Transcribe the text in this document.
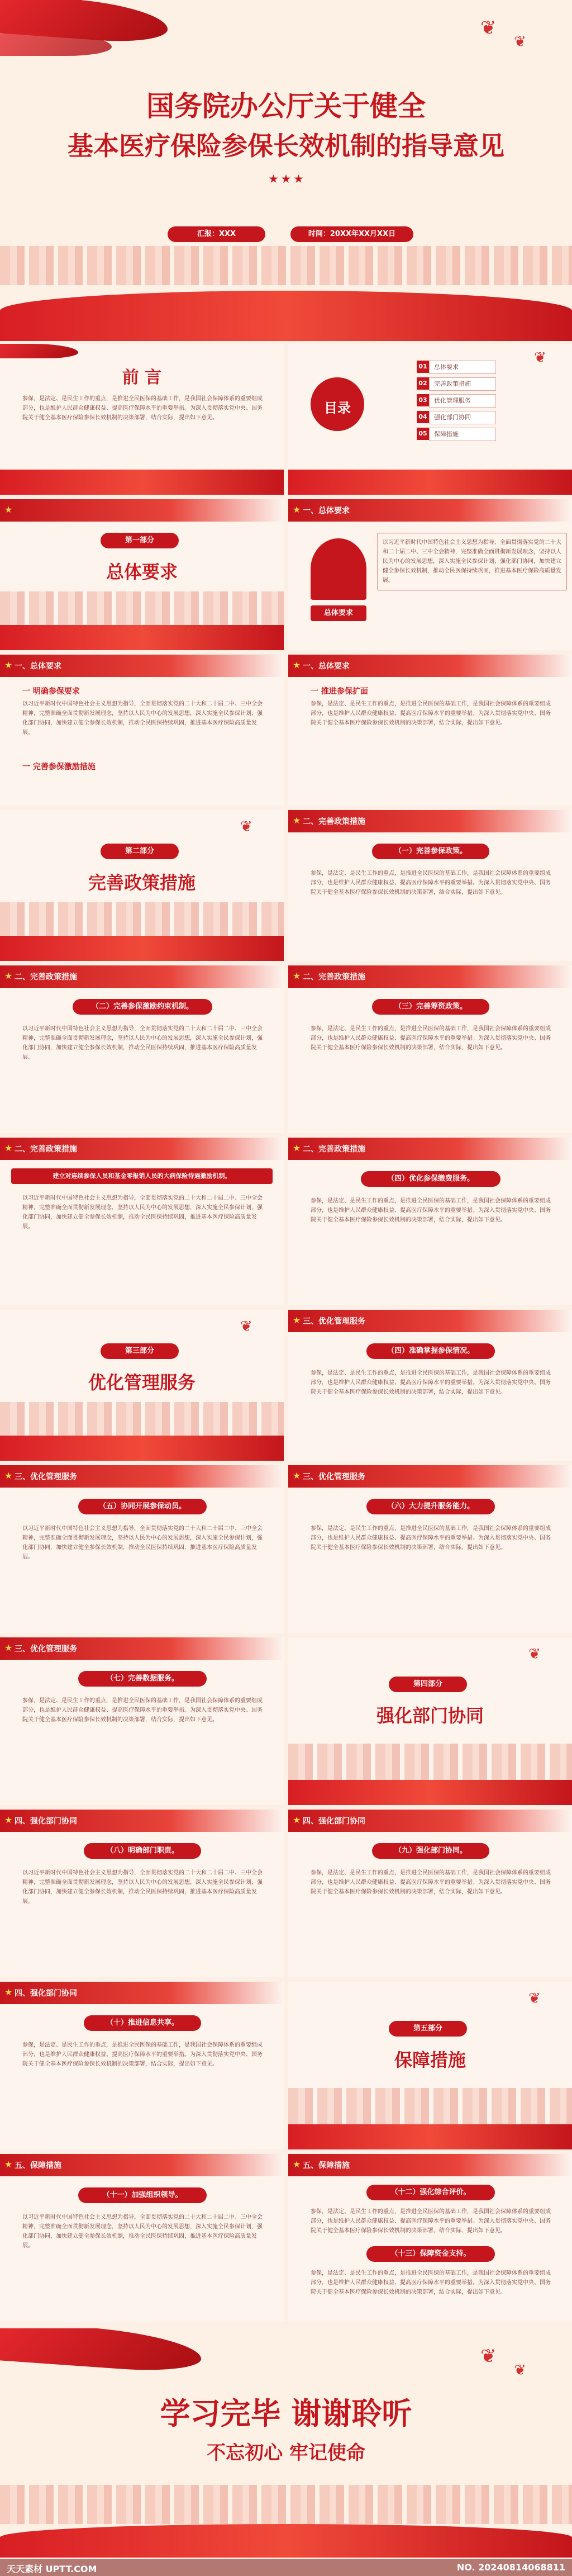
❦
❦
国务院办公厅关于健全
基本医疗保险参保长效机制的指导意见
★ ★ ★
汇报：XXX	时间：20XX年XX月XX日
前 言
参保，是法定、是民生工作的重点，是推进全民医保的基础工作，是我国社会保障体系的重要组成部分，也是维护人民群众健康权益、提高医疗保障水平的重要举措。为深入贯彻落实党中央、国务院关于健全基本医疗保险参保长效机制的决策部署，结合实际，提出如下意见。
❦
目录
01	总体要求
02	完善政策措施
03	优化管理服务
04	强化部门协同
05	保障措施
★
第一部分
总体要求
★ 一、总体要求
总体要求
以习近平新时代中国特色社会主义思想为指导，全面贯彻落实党的二十大和二十届二中、三中全会精神，完整准确全面贯彻新发展理念，坚持以人民为中心的发展思想，深入实施全民参保计划，强化部门协同，加快建立健全参保长效机制，推动全民医保持续巩固，推进基本医疗保险高质量发展。
★ 一、总体要求
一 明确参保要求
以习近平新时代中国特色社会主义思想为指导，全面贯彻落实党的二十大和二十届二中、三中全会精神，完整准确全面贯彻新发展理念，坚持以人民为中心的发展思想，深入实施全民参保计划，强化部门协同，加快建立健全参保长效机制，推动全民医保持续巩固，推进基本医疗保险高质量发展。
一 完善参保激励措施
★ 一、总体要求
一 推进参保扩面
参保，是法定、是民生工作的重点，是推进全民医保的基础工作，是我国社会保障体系的重要组成部分，也是维护人民群众健康权益、提高医疗保障水平的重要举措。为深入贯彻落实党中央、国务院关于健全基本医疗保险参保长效机制的决策部署，结合实际，提出如下意见。
❦
第二部分
完善政策措施
★ 二、完善政策措施
（一）完善参保政策。
参保，是法定、是民生工作的重点，是推进全民医保的基础工作，是我国社会保障体系的重要组成部分，也是维护人民群众健康权益、提高医疗保障水平的重要举措。为深入贯彻落实党中央、国务院关于健全基本医疗保险参保长效机制的决策部署，结合实际，提出如下意见。
★ 二、完善政策措施
（二）完善参保激励约束机制。
以习近平新时代中国特色社会主义思想为指导，全面贯彻落实党的二十大和二十届二中、三中全会精神，完整准确全面贯彻新发展理念，坚持以人民为中心的发展思想，深入实施全民参保计划，强化部门协同，加快建立健全参保长效机制，推动全民医保持续巩固，推进基本医疗保险高质量发展。
★ 二、完善政策措施
（三）完善筹资政策。
参保，是法定、是民生工作的重点，是推进全民医保的基础工作，是我国社会保障体系的重要组成部分，也是维护人民群众健康权益、提高医疗保障水平的重要举措。为深入贯彻落实党中央、国务院关于健全基本医疗保险参保长效机制的决策部署，结合实际，提出如下意见。
★ 二、完善政策措施
建立对连续参保人员和基金零报销人员的大病保险待遇激励机制。
以习近平新时代中国特色社会主义思想为指导，全面贯彻落实党的二十大和二十届二中、三中全会精神，完整准确全面贯彻新发展理念，坚持以人民为中心的发展思想，深入实施全民参保计划，强化部门协同，加快建立健全参保长效机制，推动全民医保持续巩固，推进基本医疗保险高质量发展。
★ 二、完善政策措施
（四）优化参保缴费服务。
参保，是法定、是民生工作的重点，是推进全民医保的基础工作，是我国社会保障体系的重要组成部分，也是维护人民群众健康权益、提高医疗保障水平的重要举措。为深入贯彻落实党中央、国务院关于健全基本医疗保险参保长效机制的决策部署，结合实际，提出如下意见。
❦
第三部分
优化管理服务
★ 三、优化管理服务
（四）准确掌握参保情况。
参保，是法定、是民生工作的重点，是推进全民医保的基础工作，是我国社会保障体系的重要组成部分，也是维护人民群众健康权益、提高医疗保障水平的重要举措。为深入贯彻落实党中央、国务院关于健全基本医疗保险参保长效机制的决策部署，结合实际，提出如下意见。
★ 三、优化管理服务
（五）协同开展参保动员。
以习近平新时代中国特色社会主义思想为指导，全面贯彻落实党的二十大和二十届二中、三中全会精神，完整准确全面贯彻新发展理念，坚持以人民为中心的发展思想，深入实施全民参保计划，强化部门协同，加快建立健全参保长效机制，推动全民医保持续巩固，推进基本医疗保险高质量发展。
★ 三、优化管理服务
（六）大力提升服务能力。
参保，是法定、是民生工作的重点，是推进全民医保的基础工作，是我国社会保障体系的重要组成部分，也是维护人民群众健康权益、提高医疗保障水平的重要举措。为深入贯彻落实党中央、国务院关于健全基本医疗保险参保长效机制的决策部署，结合实际，提出如下意见。
★ 三、优化管理服务
（七）完善数据服务。
参保，是法定、是民生工作的重点，是推进全民医保的基础工作，是我国社会保障体系的重要组成部分，也是维护人民群众健康权益、提高医疗保障水平的重要举措。为深入贯彻落实党中央、国务院关于健全基本医疗保险参保长效机制的决策部署，结合实际，提出如下意见。
❦
第四部分
强化部门协同
★ 四、强化部门协同
（八）明确部门职责。
以习近平新时代中国特色社会主义思想为指导，全面贯彻落实党的二十大和二十届二中、三中全会精神，完整准确全面贯彻新发展理念，坚持以人民为中心的发展思想，深入实施全民参保计划，强化部门协同，加快建立健全参保长效机制，推动全民医保持续巩固，推进基本医疗保险高质量发展。
★ 四、强化部门协同
（九）强化部门协同。
参保，是法定、是民生工作的重点，是推进全民医保的基础工作，是我国社会保障体系的重要组成部分，也是维护人民群众健康权益、提高医疗保障水平的重要举措。为深入贯彻落实党中央、国务院关于健全基本医疗保险参保长效机制的决策部署，结合实际，提出如下意见。
★ 四、强化部门协同
（十）推进信息共享。
参保，是法定、是民生工作的重点，是推进全民医保的基础工作，是我国社会保障体系的重要组成部分，也是维护人民群众健康权益、提高医疗保障水平的重要举措。为深入贯彻落实党中央、国务院关于健全基本医疗保险参保长效机制的决策部署，结合实际，提出如下意见。
❦
第五部分
保障措施
★ 五、保障措施
（十一）加强组织领导。
以习近平新时代中国特色社会主义思想为指导，全面贯彻落实党的二十大和二十届二中、三中全会精神，完整准确全面贯彻新发展理念，坚持以人民为中心的发展思想，深入实施全民参保计划，强化部门协同，加快建立健全参保长效机制，推动全民医保持续巩固，推进基本医疗保险高质量发展。
★ 五、保障措施
（十二）强化综合评价。
参保，是法定、是民生工作的重点，是推进全民医保的基础工作，是我国社会保障体系的重要组成部分，也是维护人民群众健康权益、提高医疗保障水平的重要举措。为深入贯彻落实党中央、国务院关于健全基本医疗保险参保长效机制的决策部署，结合实际，提出如下意见。
（十三）保障资金支持。
参保，是法定、是民生工作的重点，是推进全民医保的基础工作，是我国社会保障体系的重要组成部分，也是维护人民群众健康权益、提高医疗保障水平的重要举措。为深入贯彻落实党中央、国务院关于健全基本医疗保险参保长效机制的决策部署，结合实际，提出如下意见。
❦
❦
学习完毕 谢谢聆听
不忘初心 牢记使命
天天素材 UPTT.COM	NO. 20240814068811
